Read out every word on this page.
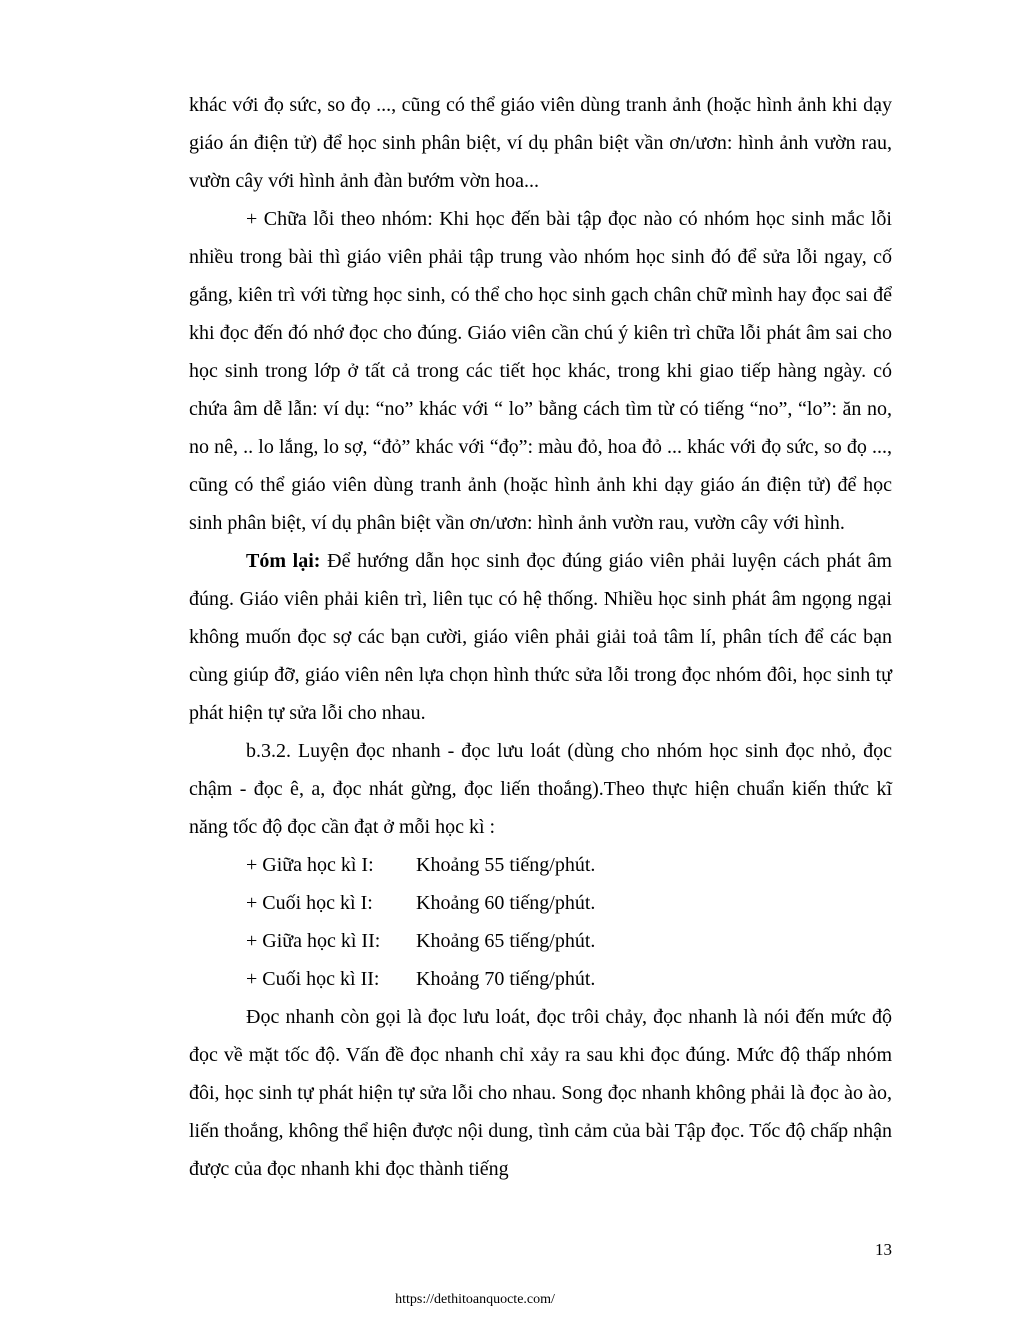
khác với đọ sức, so đọ ..., cũng có thể giáo viên dùng tranh ảnh (hoặc hình ảnh khi dạy giáo án điện tử) để học sinh phân biệt, ví dụ phân biệt vần ơn/ươn: hình ảnh vườn rau, vườn cây với hình ảnh đàn bướm vờn hoa...

+ Chữa lỗi theo nhóm: Khi học đến bài tập đọc nào có nhóm học sinh mắc lỗi nhiều trong bài thì giáo viên phải tập trung vào nhóm học sinh đó để sửa lỗi ngay, cố gắng, kiên trì với từng học sinh, có thể cho học sinh gạch chân chữ mình hay đọc sai để khi đọc đến đó nhớ đọc cho đúng. Giáo viên cần chú ý kiên trì chữa lỗi phát âm sai cho học sinh trong lớp ở tất cả trong các tiết học khác, trong khi giao tiếp hàng ngày. có chứa âm dễ lẫn: ví dụ: “no” khác với “ lo” bằng cách tìm từ có tiếng “no”, “lo”: ăn no, no nê, .. lo lắng, lo sợ, “đỏ” khác với “đọ”: màu đỏ, hoa đỏ ... khác với đọ sức, so đọ ..., cũng có thể giáo viên dùng tranh ảnh (hoặc hình ảnh khi dạy giáo án điện tử) để học sinh phân biệt, ví dụ phân biệt vần ơn/ươn: hình ảnh vườn rau, vườn cây với hình.

Tóm lại: Để hướng dẫn học sinh đọc đúng giáo viên phải luyện cách phát âm đúng. Giáo viên phải kiên trì, liên tục có hệ thống. Nhiều học sinh phát âm ngọng ngại không muốn đọc sợ các bạn cười, giáo viên phải giải toả tâm lí, phân tích để các bạn cùng giúp đỡ, giáo viên nên lựa chọn hình thức sửa lỗi trong đọc nhóm đôi, học sinh tự phát hiện tự sửa lỗi cho nhau.

b.3.2. Luyện đọc nhanh - đọc lưu loát (dùng cho nhóm học sinh đọc nhỏ, đọc chậm - đọc ê, a, đọc nhát gừng, đọc liến thoắng).Theo thực hiện chuẩn kiến thức kĩ năng tốc độ đọc cần đạt ở mỗi học kì :

+ Giữa học kì I: Khoảng 55 tiếng/phút.

+ Cuối học kì I: Khoảng 60 tiếng/phút.

+ Giữa học kì II: Khoảng 65 tiếng/phút.

+ Cuối học kì II: Khoảng 70 tiếng/phút.

Đọc nhanh còn gọi là đọc lưu loát, đọc trôi chảy, đọc nhanh là nói đến mức độ đọc về mặt tốc độ. Vấn đề đọc nhanh chỉ xảy ra sau khi đọc đúng. Mức độ thấp nhóm đôi, học sinh tự phát hiện tự sửa lỗi cho nhau. Song đọc nhanh không phải là đọc ào ào, liến thoắng, không thể hiện được nội dung, tình cảm của bài Tập đọc. Tốc độ chấp nhận được của đọc nhanh khi đọc thành tiếng

13
https://dethitoanquocte.com/
